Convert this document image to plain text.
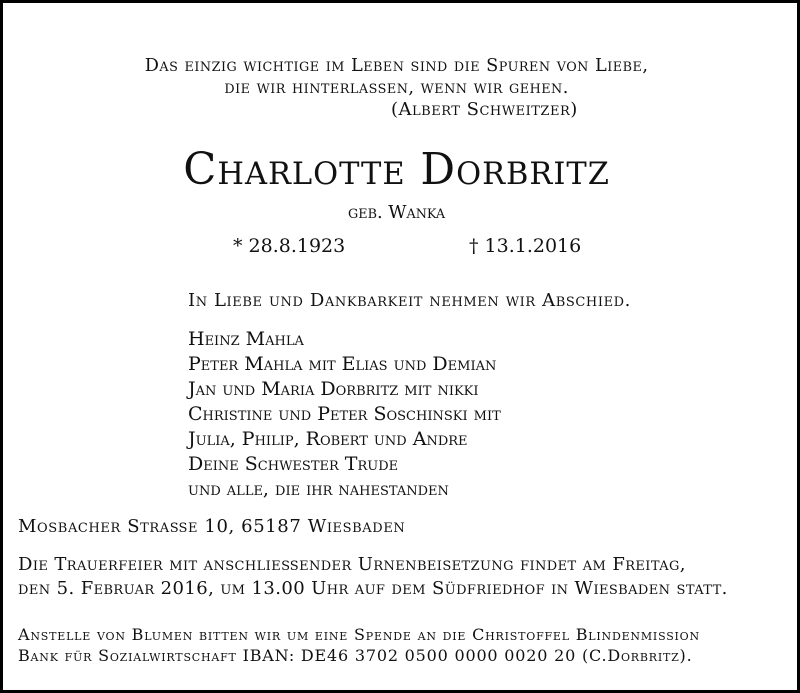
Das einzig wichtige im Leben sind die Spuren von Liebe,
die wir hinterlassen, wenn wir gehen.
(Albert Schweitzer)
Charlotte Dorbritz
geb. Wanka
* 28.8.1923	† 13.1.2016
In Liebe und Dankbarkeit nehmen wir Abschied.
Heinz Mahla
Peter Mahla mit Elias und Demian
Jan und Maria Dorbritz mit nikki
Christine und Peter Soschinski mit
Julia, Philip, Robert und Andre
Deine Schwester Trude
und alle, die ihr nahestanden
Mosbacher Straße 10, 65187 Wiesbaden
Die Trauerfeier mit anschließender Urnenbeisetzung findet am Freitag,
den 5. Februar 2016, um 13.00 Uhr auf dem Südfriedhof in Wiesbaden statt.
Anstelle von Blumen bitten wir um eine Spende an die Christoffel Blindenmission
Bank für Sozialwirtschaft IBAN: DE46 3702 0500 0000 0020 20 (C.Dorbritz).
